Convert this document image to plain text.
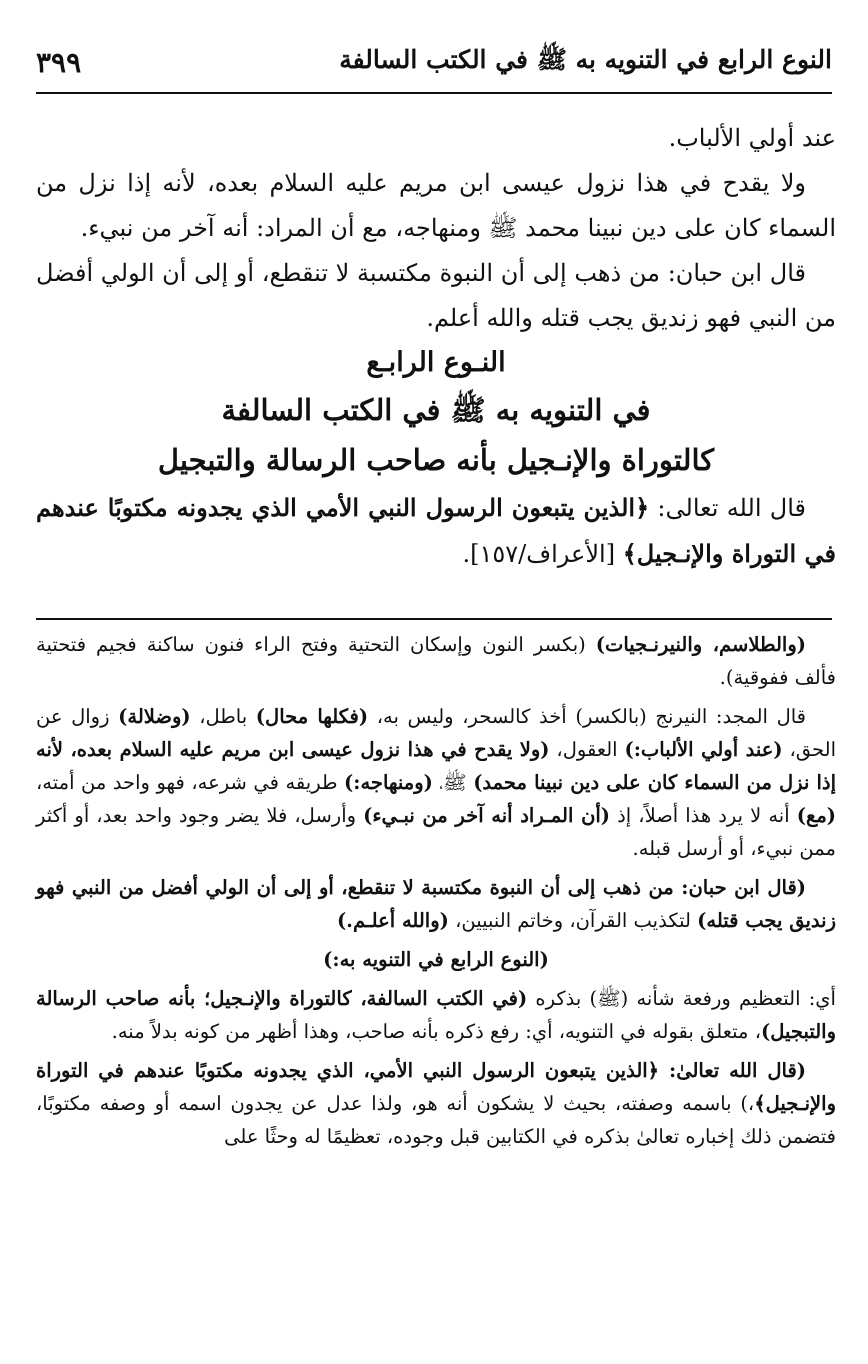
النوع الرابع في التنويه به ﷺ في الكتب السالفة
٣٩٩

عند أولي الألباب.

ولا يقدح في هذا نزول عيسى ابن مريم عليه السلام بعده، لأنه إذا نزل من السماء كان على دين نبينا محمد ﷺ ومنهاجه، مع أن المراد: أنه آخر من نبيء.

قال ابن حبان: من ذهب إلى أن النبوة مكتسبة لا تنقطع، أو إلى أن الولي أفضل من النبي فهو زنديق يجب قتله والله أعلم.

النـوع الرابـع

في التنويه به ﷺ في الكتب السالفة

كالتوراة والإنـجيل بأنه صاحب الرسالة والتبجيل

قال الله تعالى: ﴿الذين يتبعون الرسول النبي الأمي الذي يجدونه مكتوبًا عندهم في التوراة والإنـجيل﴾ [الأعراف/١٥٧].

(والطلاسم، والنيرنـجيات) (بكسر النون وإسكان التحتية وفتح الراء فنون ساكنة فجيم فتحتية فألف ففوقية).

قال المجد: النيرنج (بالكسر) أخذ كالسحر، وليس به، (فكلها محال) باطل، (وضلالة) زوال عن الحق، (عند أولي الألباب:) العقول، (ولا يقدح في هذا نزول عيسى ابن مريم عليه السلام بعده، لأنه إذا نزل من السماء كان على دين نبينا محمد) ﷺ، (ومنهاجه:) طريقه في شرعه، فهو واحد من أمته، (مع) أنه لا يرد هذا أصلاً، إذ (أن المـراد أنه آخر من نبـيء) وأرسل، فلا يضر وجود واحد بعد، أو أكثر ممن نبيء، أو أرسل قبله.

(قال ابن حبان: من ذهب إلى أن النبوة مكتسبة لا تنقطع، أو إلى أن الولي أفضل من النبي فهو زنديق يجب قتله) لتكذيب القرآن، وخاتم النبيين، (والله أعلـم.)

(النوع الرابع في التنويه به:)

أي: التعظيم ورفعة شأنه (ﷺ) بذكره (في الكتب السالفة، كالتوراة والإنـجيل؛ بأنه صاحب الرسالة والتبجيل)، متعلق بقوله في التنويه، أي: رفع ذكره بأنه صاحب، وهذا أظهر من كونه بدلاً منه.

(قال الله تعالىٰ: ﴿الذين يتبعون الرسول النبي الأمي، الذي يجدونه مكتوبًا عندهم في التوراة والإنـجيل﴾،) باسمه وصفته، بحيث لا يشكون أنه هو، ولذا عدل عن يجدون اسمه أو وصفه مكتوبًا، فتضمن ذلك إخباره تعالىٰ بذكره في الكتابين قبل وجوده، تعظيمًا له وحثًا على
